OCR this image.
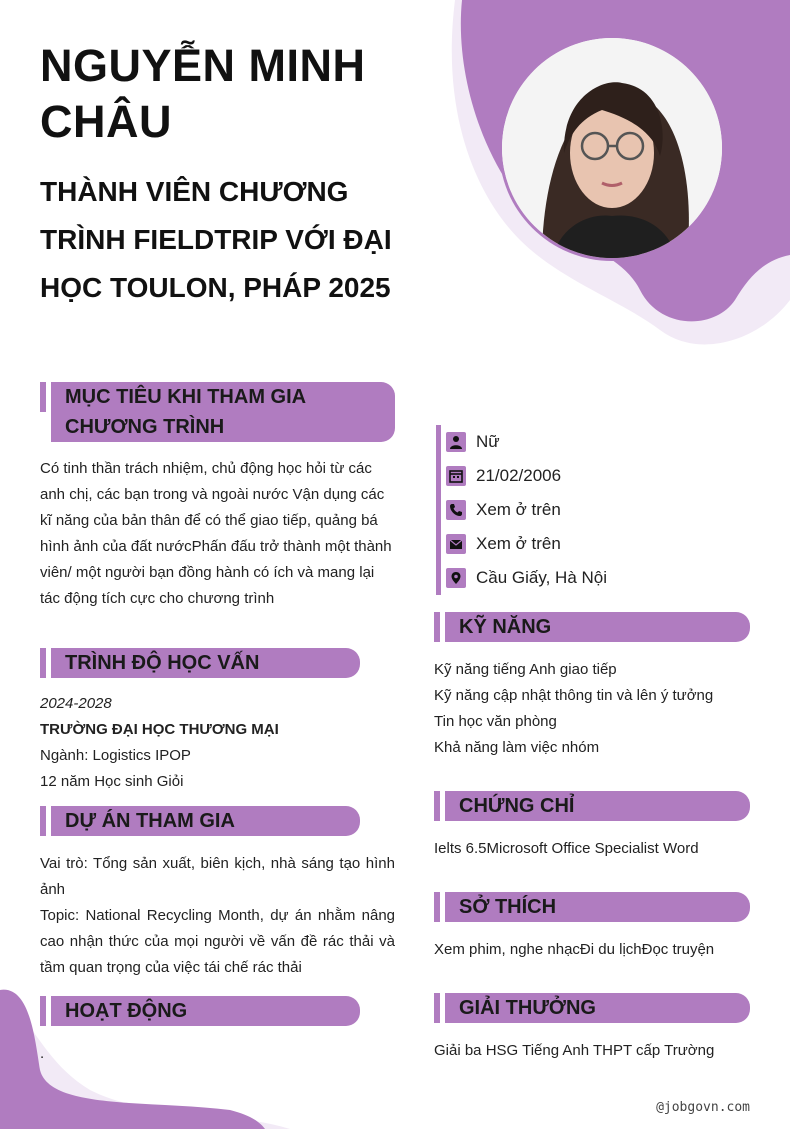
NGUYỄN MINH CHÂU
THÀNH VIÊN CHƯƠNG TRÌNH FIELDTRIP VỚI ĐẠI HỌC TOULON, PHÁP 2025
MỤC TIÊU KHI THAM GIA
CHƯƠNG TRÌNH

Có tinh thần trách nhiệm, chủ động học hỏi từ các anh chị, các bạn trong và ngoài nước Vận dụng các kĩ năng của bản thân để có thể giao tiếp, quảng bá hình ảnh của đất nướcPhấn đấu trở thành một thành viên/ một người bạn đồng hành có ích và mang lại tác động tích cực cho chương trình

TRÌNH ĐỘ HỌC VẤN
2024-2028
TRƯỜNG ĐẠI HỌC THƯƠNG MẠI
Ngành: Logistics IPOP
12 năm Học sinh Giỏi
DỰ ÁN THAM GIA
Vai trò: Tổng sản xuất, biên kịch, nhà sáng tạo hình ảnh
Topic: National Recycling Month, dự án nhằm nâng cao nhận thức của mọi người về vấn đề rác thải và tầm quan trọng của việc tái chế rác thải
HOẠT ĐỘNG

.

Nữ
21/02/2006
Xem ở trên
Xem ở trên
Cầu Giấy, Hà Nội
KỸ NĂNG

Kỹ năng tiếng Anh giao tiếp

Kỹ năng cập nhật thông tin và lên ý tưởng

Tin học văn phòng

Khả năng làm việc nhóm

CHỨNG CHỈ

Ielts 6.5Microsoft Office Specialist Word

SỞ THÍCH

Xem phim, nghe nhạcĐi du lịchĐọc truyện

GIẢI THƯỞNG

Giải ba HSG Tiếng Anh THPT cấp Trường

@jobgovn.com
